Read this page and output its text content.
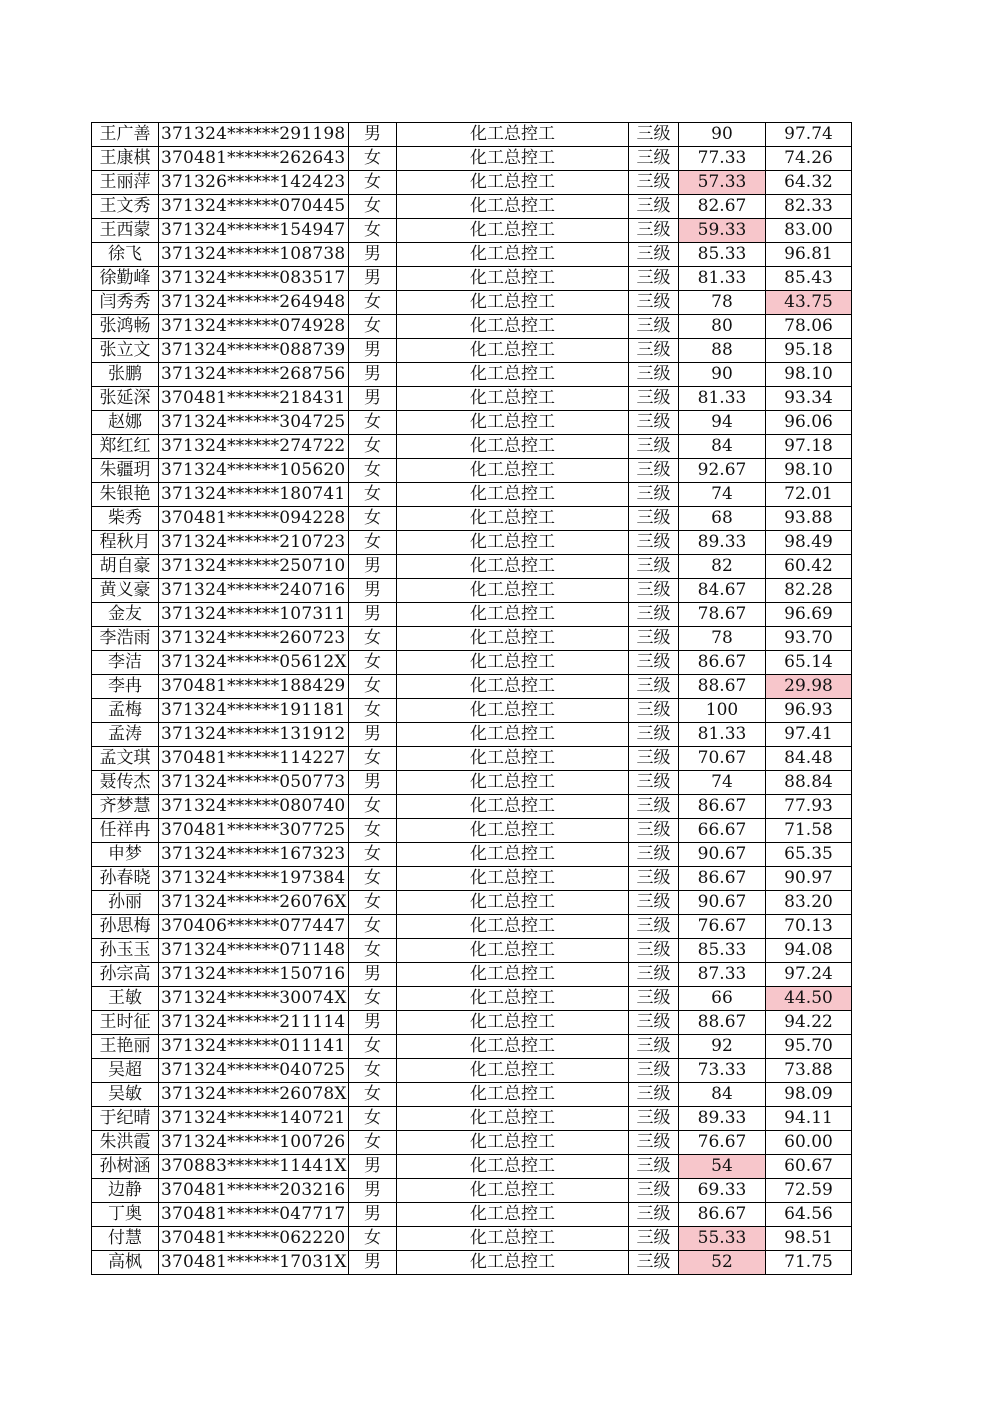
王广善	371324******291198	男	化工总控工	三级	90	97.74
王康棋	370481******262643	女	化工总控工	三级	77.33	74.26
王丽萍	371326******142423	女	化工总控工	三级	57.33	64.32
王文秀	371324******070445	女	化工总控工	三级	82.67	82.33
王西蒙	371324******154947	女	化工总控工	三级	59.33	83.00
徐飞	371324******108738	男	化工总控工	三级	85.33	96.81
徐勤峰	371324******083517	男	化工总控工	三级	81.33	85.43
闫秀秀	371324******264948	女	化工总控工	三级	78	43.75
张鸿畅	371324******074928	女	化工总控工	三级	80	78.06
张立文	371324******088739	男	化工总控工	三级	88	95.18
张鹏	371324******268756	男	化工总控工	三级	90	98.10
张延深	370481******218431	男	化工总控工	三级	81.33	93.34
赵娜	371324******304725	女	化工总控工	三级	94	96.06
郑红红	371324******274722	女	化工总控工	三级	84	97.18
朱疆玥	371324******105620	女	化工总控工	三级	92.67	98.10
朱银艳	371324******180741	女	化工总控工	三级	74	72.01
柴秀	370481******094228	女	化工总控工	三级	68	93.88
程秋月	371324******210723	女	化工总控工	三级	89.33	98.49
胡自豪	371324******250710	男	化工总控工	三级	82	60.42
黄义豪	371324******240716	男	化工总控工	三级	84.67	82.28
金友	371324******107311	男	化工总控工	三级	78.67	96.69
李浩雨	371324******260723	女	化工总控工	三级	78	93.70
李洁	371324******05612X	女	化工总控工	三级	86.67	65.14
李冉	370481******188429	女	化工总控工	三级	88.67	29.98
孟梅	371324******191181	女	化工总控工	三级	100	96.93
孟涛	371324******131912	男	化工总控工	三级	81.33	97.41
孟文琪	370481******114227	女	化工总控工	三级	70.67	84.48
聂传杰	371324******050773	男	化工总控工	三级	74	88.84
齐梦慧	371324******080740	女	化工总控工	三级	86.67	77.93
任祥冉	370481******307725	女	化工总控工	三级	66.67	71.58
申梦	371324******167323	女	化工总控工	三级	90.67	65.35
孙春晓	371324******197384	女	化工总控工	三级	86.67	90.97
孙丽	371324******26076X	女	化工总控工	三级	90.67	83.20
孙思梅	370406******077447	女	化工总控工	三级	76.67	70.13
孙玉玉	371324******071148	女	化工总控工	三级	85.33	94.08
孙宗高	371324******150716	男	化工总控工	三级	87.33	97.24
王敏	371324******30074X	女	化工总控工	三级	66	44.50
王时征	371324******211114	男	化工总控工	三级	88.67	94.22
王艳丽	371324******011141	女	化工总控工	三级	92	95.70
吴超	371324******040725	女	化工总控工	三级	73.33	73.88
吴敏	371324******26078X	女	化工总控工	三级	84	98.09
于纪晴	371324******140721	女	化工总控工	三级	89.33	94.11
朱洪霞	371324******100726	女	化工总控工	三级	76.67	60.00
孙树涵	370883******11441X	男	化工总控工	三级	54	60.67
边静	370481******203216	男	化工总控工	三级	69.33	72.59
丁奥	370481******047717	男	化工总控工	三级	86.67	64.56
付慧	370481******062220	女	化工总控工	三级	55.33	98.51
高枫	370481******17031X	男	化工总控工	三级	52	71.75
